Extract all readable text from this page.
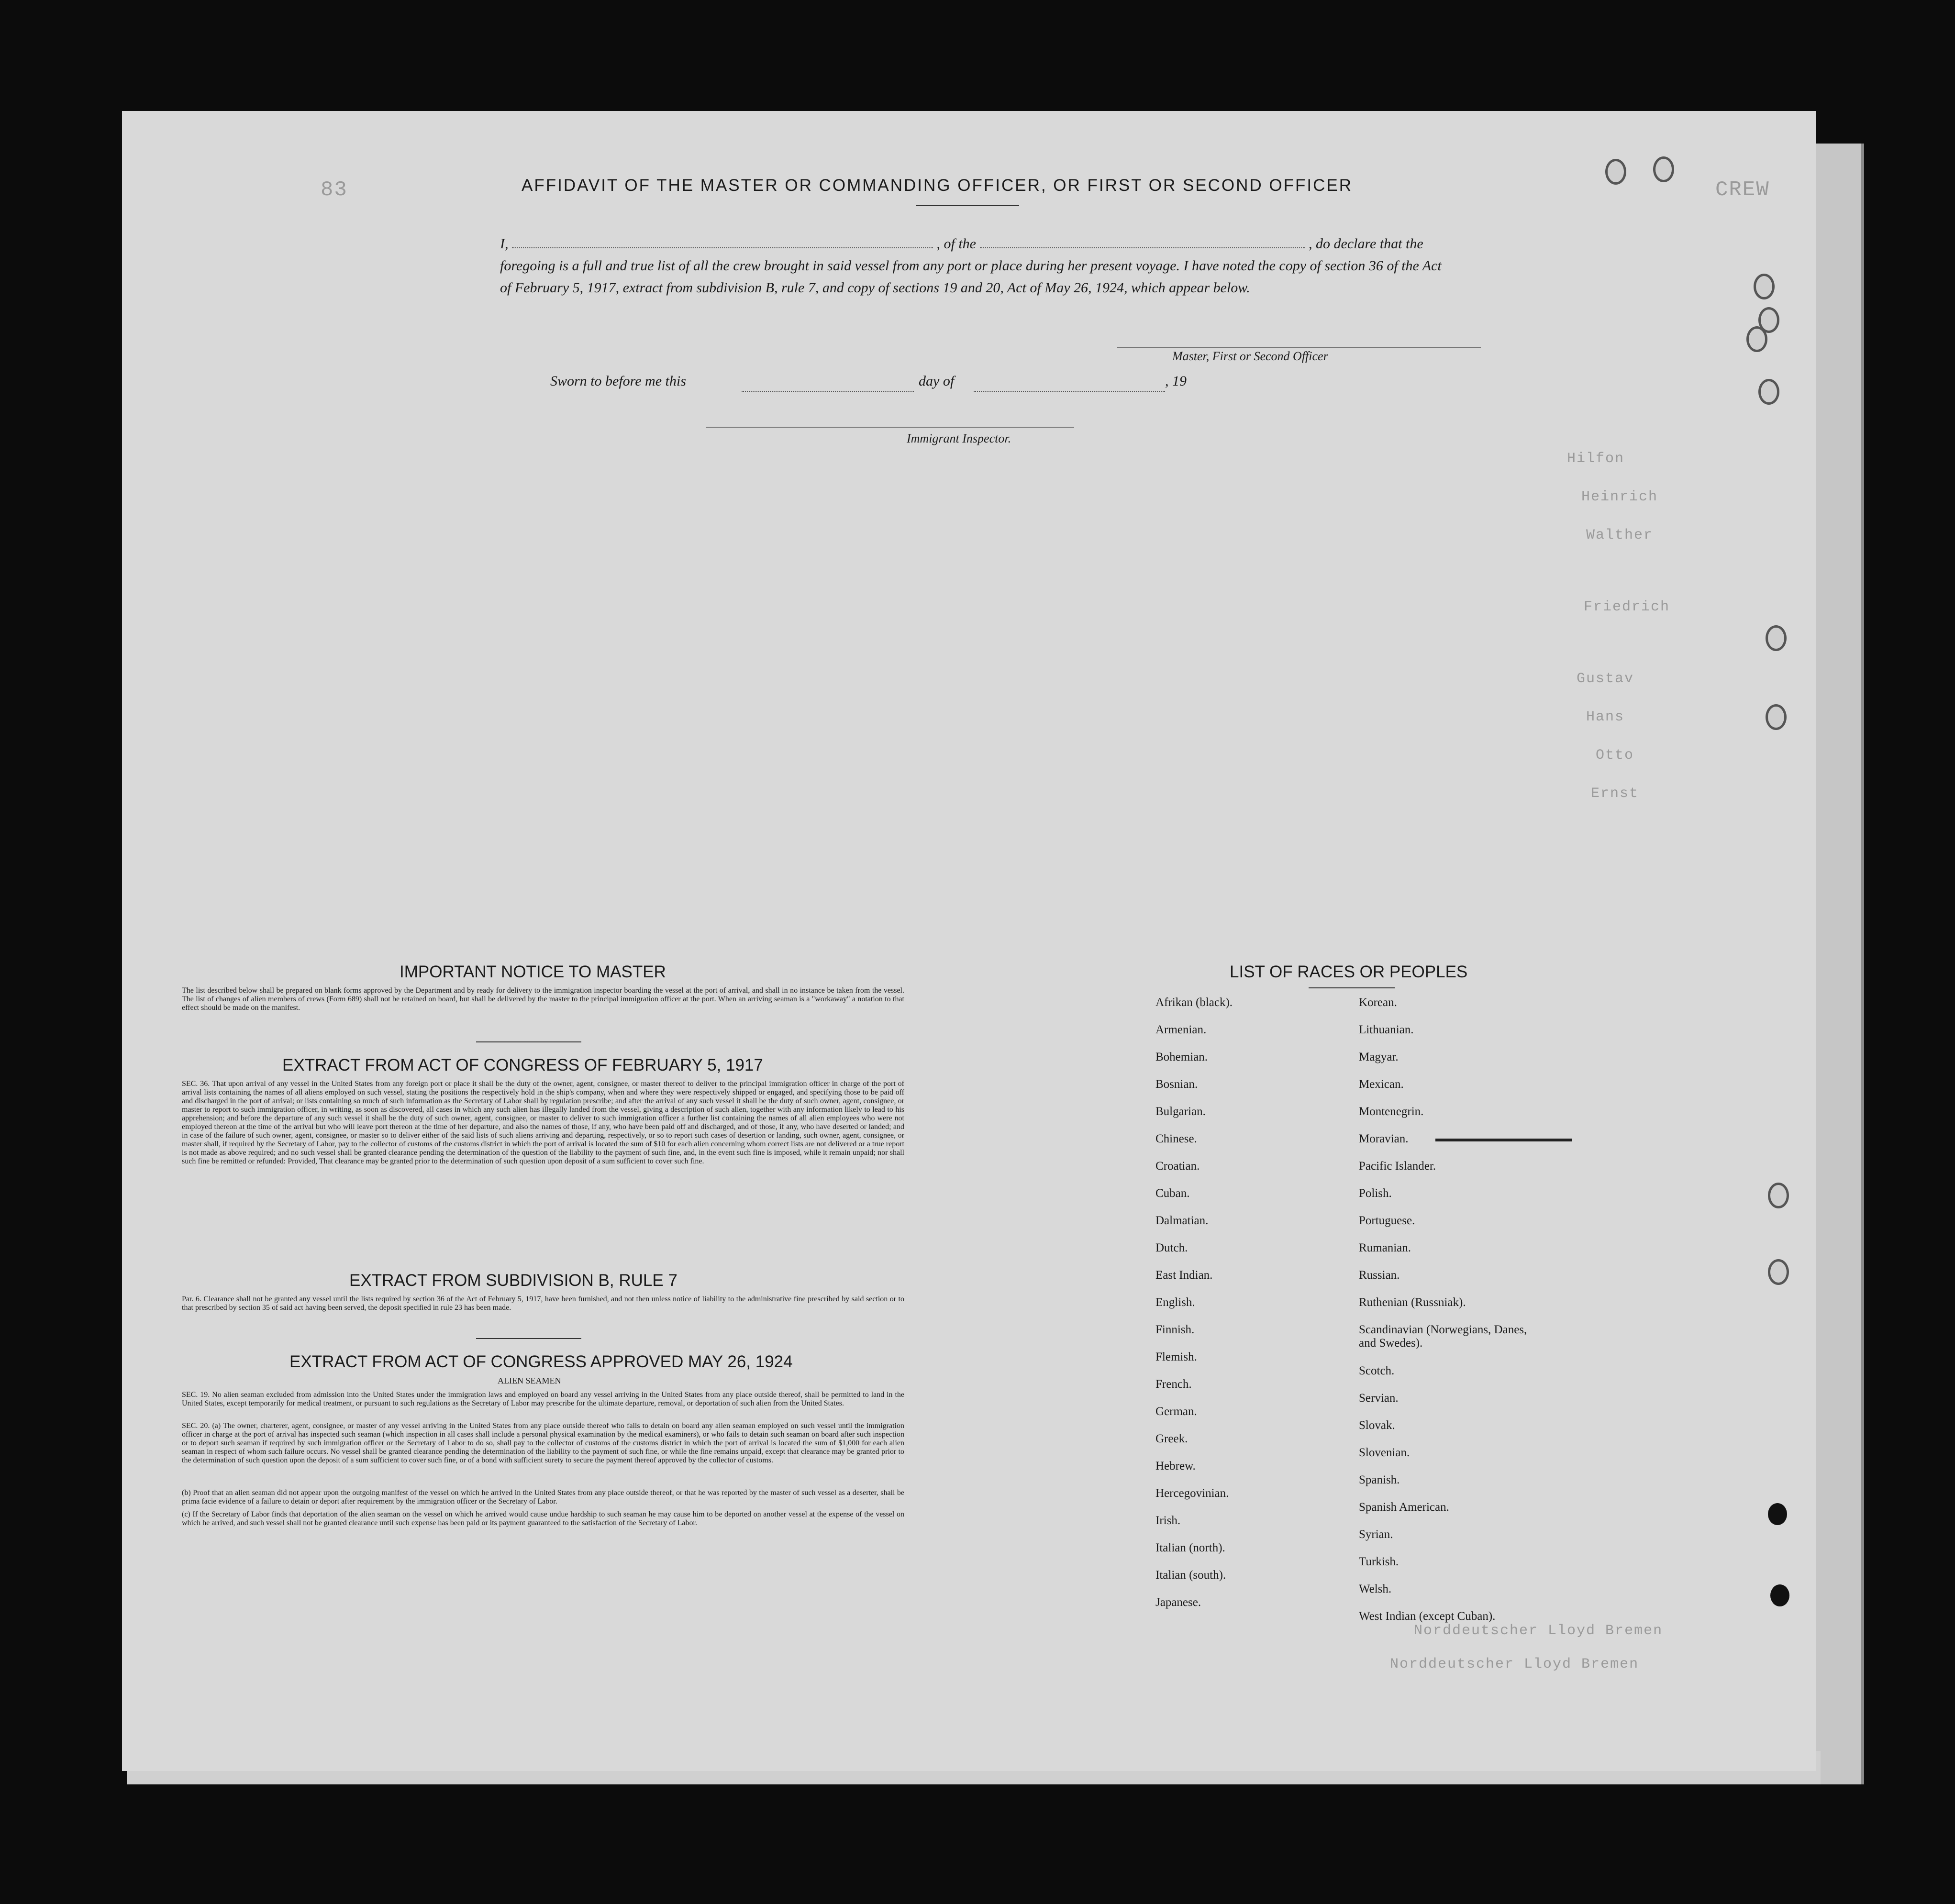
83	CREW
Hilfon
Heinrich
Walther
Friedrich
Gustav
Hans
Otto
Ernst
Norddeutscher Lloyd Bremen
Norddeutscher Lloyd Bremen
AFFIDAVIT OF THE MASTER OR COMMANDING OFFICER, OR FIRST OR SECOND OFFICER
I,	, of the	, do declare that the foregoing is a full and true list of all the crew brought in said vessel from any port or place during her present voyage. I have noted the copy of section 36 of the Act of February 5, 1917, extract from subdivision B, rule 7, and copy of sections 19 and 20, Act of May 26, 1924, which appear below.
Master, First or Second Officer
Sworn to before me this	day of	, 19
Immigrant Inspector.
IMPORTANT NOTICE TO MASTER
The list described below shall be prepared on blank forms approved by the Department and by ready for delivery to the immigration inspector boarding the vessel at the port of arrival, and shall in no instance be taken from the vessel. The list of changes of alien members of crews (Form 689) shall not be retained on board, but shall be delivered by the master to the principal immigration officer at the port. When an arriving seaman is a "workaway" a notation to that effect should be made on the manifest.
EXTRACT FROM ACT OF CONGRESS OF FEBRUARY 5, 1917
SEC. 36. That upon arrival of any vessel in the United States from any foreign port or place it shall be the duty of the owner, agent, consignee, or master thereof to deliver to the principal immigration officer in charge of the port of arrival lists containing the names of all aliens employed on such vessel, stating the positions the respectively hold in the ship's company, when and where they were respectively shipped or engaged, and specifying those to be paid off and discharged in the port of arrival; or lists containing so much of such information as the Secretary of Labor shall by regulation prescribe; and after the arrival of any such vessel it shall be the duty of such owner, agent, consignee, or master to report to such immigration officer, in writing, as soon as discovered, all cases in which any such alien has illegally landed from the vessel, giving a description of such alien, together with any information likely to lead to his apprehension; and before the departure of any such vessel it shall be the duty of such owner, agent, consignee, or master to deliver to such immigration officer a further list containing the names of all alien employees who were not employed thereon at the time of the arrival but who will leave port thereon at the time of her departure, and also the names of those, if any, who have been paid off and discharged, and of those, if any, who have deserted or landed; and in case of the failure of such owner, agent, consignee, or master so to deliver either of the said lists of such aliens arriving and departing, respectively, or so to report such cases of desertion or landing, such owner, agent, consignee, or master shall, if required by the Secretary of Labor, pay to the collector of customs of the customs district in which the port of arrival is located the sum of $10 for each alien concerning whom correct lists are not delivered or a true report is not made as above required; and no such vessel shall be granted clearance pending the determination of the question of the liability to the payment of such fine, and, in the event such fine is imposed, while it remain unpaid; nor shall such fine be remitted or refunded: Provided, That clearance may be granted prior to the determination of such question upon deposit of a sum sufficient to cover such fine.
EXTRACT FROM SUBDIVISION B, RULE 7
Par. 6. Clearance shall not be granted any vessel until the lists required by section 36 of the Act of February 5, 1917, have been furnished, and not then unless notice of liability to the administrative fine prescribed by said section or to that prescribed by section 35 of said act having been served, the deposit specified in rule 23 has been made.
EXTRACT FROM ACT OF CONGRESS APPROVED MAY 26, 1924
ALIEN SEAMEN
SEC. 19. No alien seaman excluded from admission into the United States under the immigration laws and employed on board any vessel arriving in the United States from any place outside thereof, shall be permitted to land in the United States, except temporarily for medical treatment, or pursuant to such regulations as the Secretary of Labor may prescribe for the ultimate departure, removal, or deportation of such alien from the United States.
SEC. 20. (a) The owner, charterer, agent, consignee, or master of any vessel arriving in the United States from any place outside thereof who fails to detain on board any alien seaman employed on such vessel until the immigration officer in charge at the port of arrival has inspected such seaman (which inspection in all cases shall include a personal physical examination by the medical examiners), or who fails to detain such seaman on board after such inspection or to deport such seaman if required by such immigration officer or the Secretary of Labor to do so, shall pay to the collector of customs of the customs district in which the port of arrival is located the sum of $1,000 for each alien seaman in respect of whom such failure occurs. No vessel shall be granted clearance pending the determination of the liability to the payment of such fine, or while the fine remains unpaid, except that clearance may be granted prior to the determination of such question upon the deposit of a sum sufficient to cover such fine, or of a bond with sufficient surety to secure the payment thereof approved by the collector of customs.
(b) Proof that an alien seaman did not appear upon the outgoing manifest of the vessel on which he arrived in the United States from any place outside thereof, or that he was reported by the master of such vessel as a deserter, shall be prima facie evidence of a failure to detain or deport after requirement by the immigration officer or the Secretary of Labor.
(c) If the Secretary of Labor finds that deportation of the alien seaman on the vessel on which he arrived would cause undue hardship to such seaman he may cause him to be deported on another vessel at the expense of the vessel on which he arrived, and such vessel shall not be granted clearance until such expense has been paid or its payment guaranteed to the satisfaction of the Secretary of Labor.
LIST OF RACES OR PEOPLES
Afrikan (black).
Armenian.
Bohemian.
Bosnian.
Bulgarian.
Chinese.
Croatian.
Cuban.
Dalmatian.
Dutch.
East Indian.
English.
Finnish.
Flemish.
French.
German.
Greek.
Hebrew.
Hercegovinian.
Irish.
Italian (north).
Italian (south).
Japanese.
Korean.
Lithuanian.
Magyar.
Mexican.
Montenegrin.
Moravian.
Pacific Islander.
Polish.
Portuguese.
Rumanian.
Russian.
Ruthenian (Russniak).
Scandinavian (Norwegians, Danes, and Swedes).
Scotch.
Servian.
Slovak.
Slovenian.
Spanish.
Spanish American.
Syrian.
Turkish.
Welsh.
West Indian (except Cuban).
